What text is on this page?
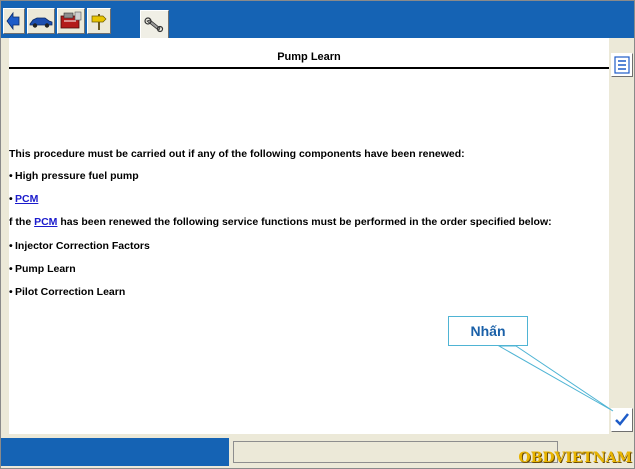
Pump Learn
This procedure must be carried out if any of the following components have been renewed:
• High pressure fuel pump
• PCM
f the PCM has been renewed the following service functions must be performed in the order specified below:
• Injector Correction Factors
• Pump Learn
• Pilot Correction Learn
Nhấn
OBDVIETNAM
